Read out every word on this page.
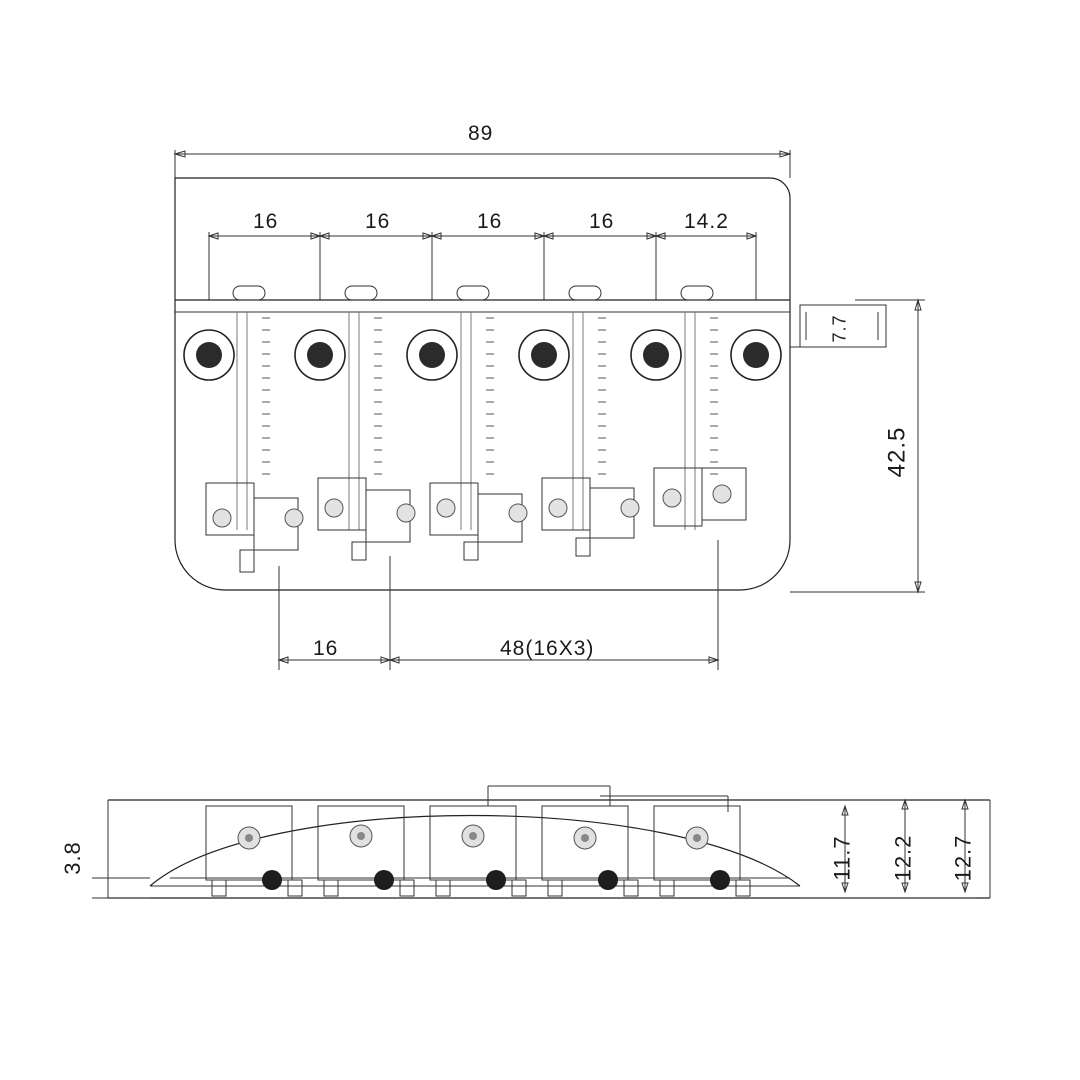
89
16	16	16	16	14.2
7.7
42.5
16	48(16X3)
3.8	11.7 12.2 12.7
